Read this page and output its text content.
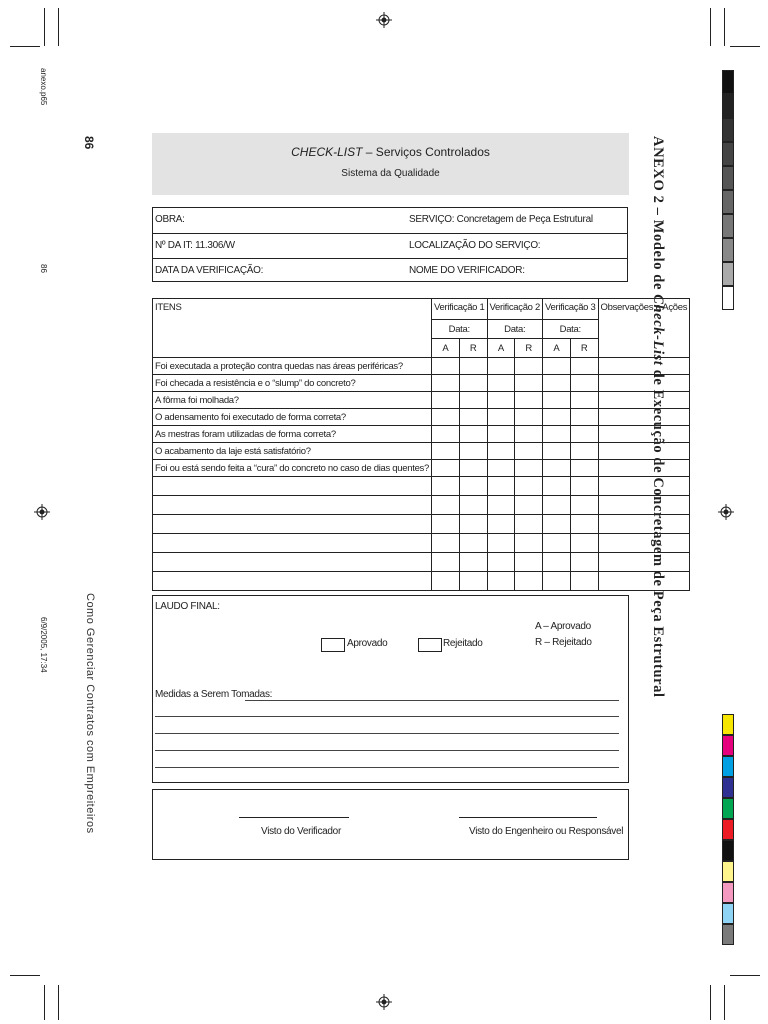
anexo.p65
86
86
6/9/2005, 17:34	Como Gerenciar Contratos com Empreiteiros
ANEXO 2 – Modelo de Check-List de Execução de Concretagem de Peça Estrutural
CHECK-LIST – Serviços Controlados
Sistema da Qualidade
OBRA:	SERVIÇO: Concretagem de Peça Estrutural
Nº DA IT: 11.306/W	LOCALIZAÇÃO DO SERVIÇO:
DATA DA VERIFICAÇÃO:	NOME DO VERIFICADOR:
ITENS	Verificação 1		Verificação 2		Verificação 3		Observações e Ações
	Data:		Data:		Data:		
	A	R	A	R	A	R	
Foi executada a proteção contra quedas nas áreas periféricas?							
Foi checada a resistência e o “slump” do concreto?							
A fôrma foi molhada?							
O adensamento foi executado de forma correta?							
As mestras foram utilizadas de forma correta?							
O acabamento da laje está satisfatório?							
Foi ou está sendo feita a “cura” do concreto no caso de dias quentes?							

LAUDO FINAL:
Aprovado	Rejeitado
A – Aprovado
R – Rejeitado
Medidas a Serem Tomadas:
Visto do Verificador	Visto do Engenheiro ou Responsável
